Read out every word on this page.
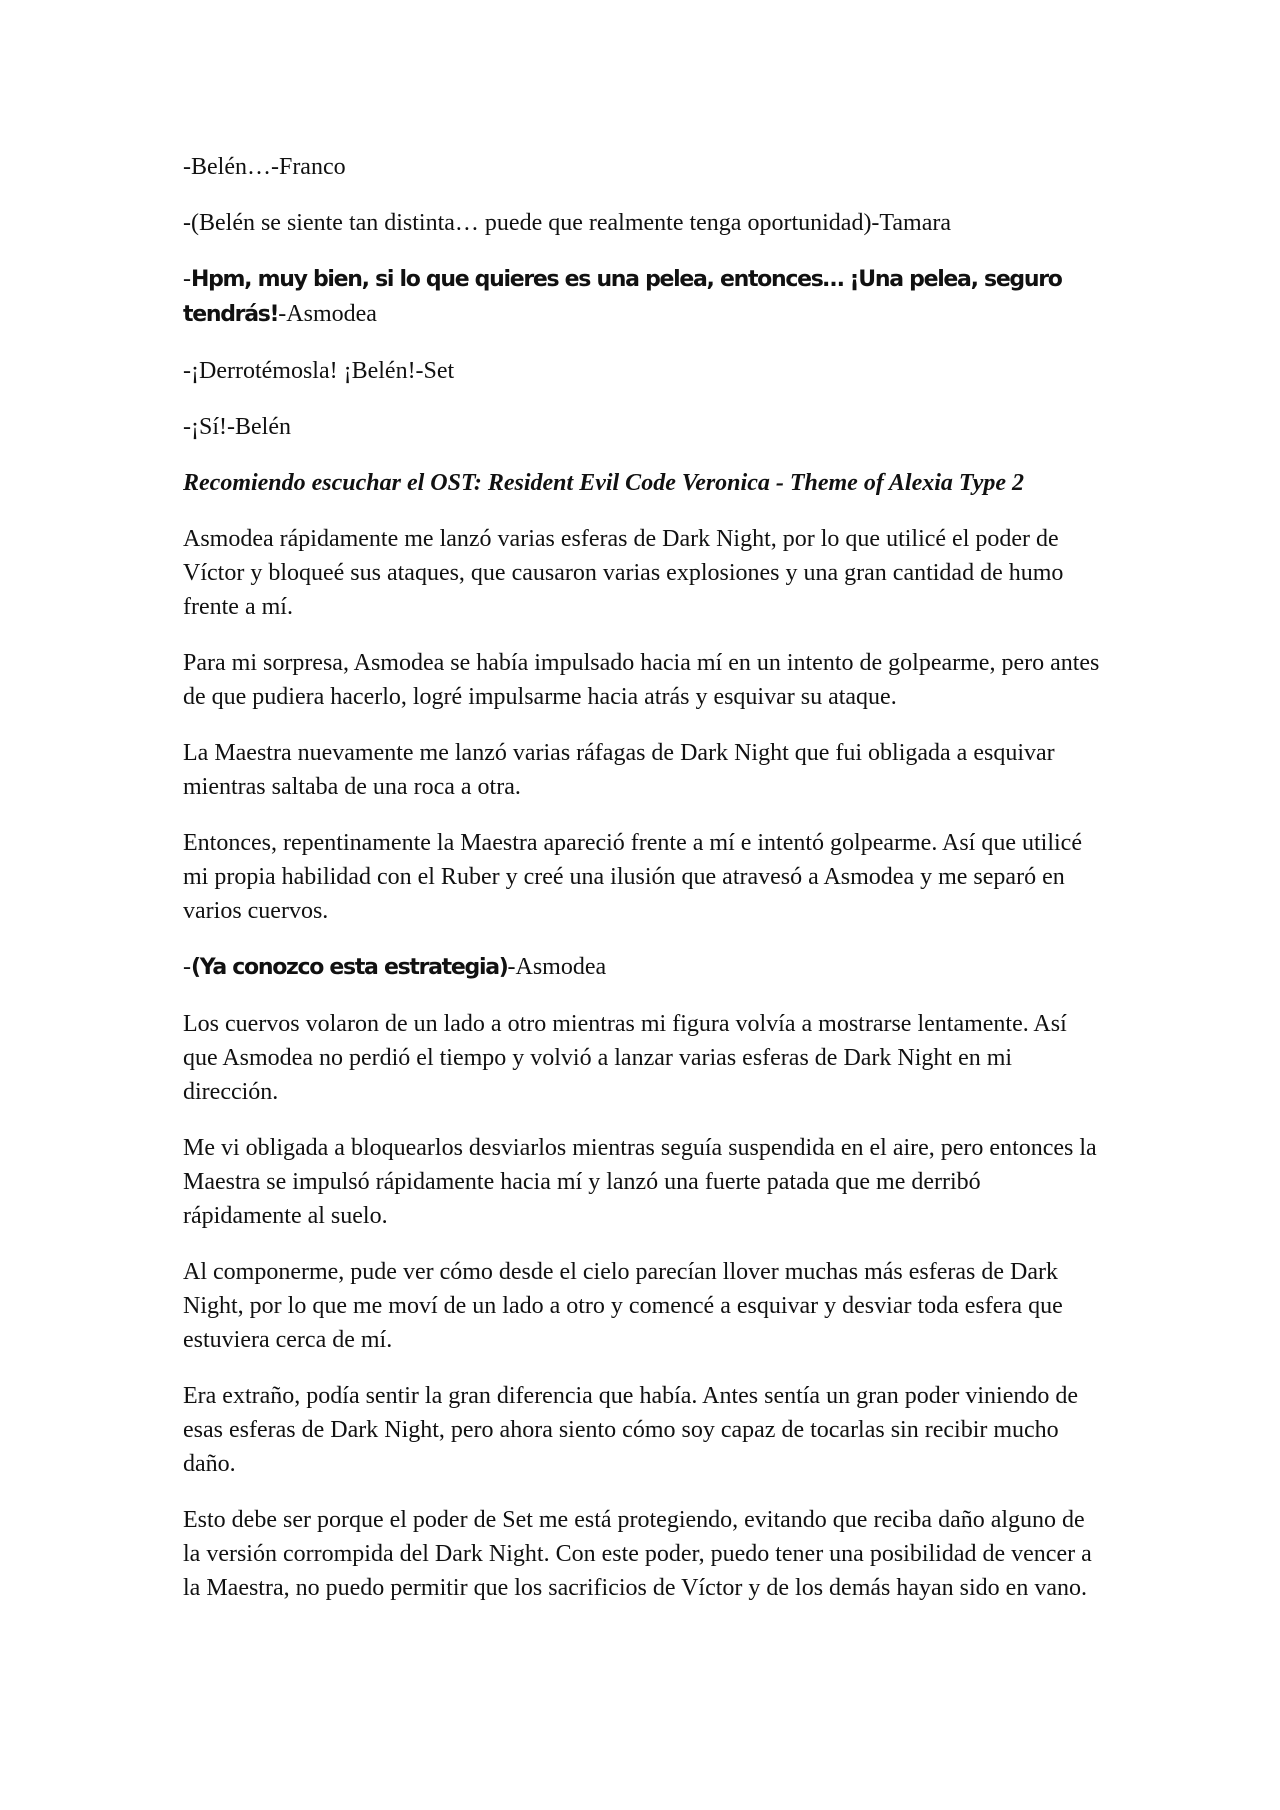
-Belén…-Franco

-(Belén se siente tan distinta… puede que realmente tenga oportunidad)-Tamara

-Hpm, muy bien, si lo que quieres es una pelea, entonces… ¡Una pelea, seguro tendrás!-Asmodea

-¡Derrotémosla! ¡Belén!-Set

-¡Sí!-Belén

Recomiendo escuchar el OST: Resident Evil Code Veronica - Theme of Alexia Type 2

Asmodea rápidamente me lanzó varias esferas de Dark Night, por lo que utilicé el poder de Víctor y bloqueé sus ataques, que causaron varias explosiones y una gran cantidad de humo frente a mí.

Para mi sorpresa, Asmodea se había impulsado hacia mí en un intento de golpearme, pero antes de que pudiera hacerlo, logré impulsarme hacia atrás y esquivar su ataque.

La Maestra nuevamente me lanzó varias ráfagas de Dark Night que fui obligada a esquivar mientras saltaba de una roca a otra.

Entonces, repentinamente la Maestra apareció frente a mí e intentó golpearme. Así que utilicé mi propia habilidad con el Ruber y creé una ilusión que atravesó a Asmodea y me separó en varios cuervos.

-(Ya conozco esta estrategia)-Asmodea

Los cuervos volaron de un lado a otro mientras mi figura volvía a mostrarse lentamente. Así que Asmodea no perdió el tiempo y volvió a lanzar varias esferas de Dark Night en mi dirección.

Me vi obligada a bloquearlos desviarlos mientras seguía suspendida en el aire, pero entonces la Maestra se impulsó rápidamente hacia mí y lanzó una fuerte patada que me derribó rápidamente al suelo.

Al componerme, pude ver cómo desde el cielo parecían llover muchas más esferas de Dark Night, por lo que me moví de un lado a otro y comencé a esquivar y desviar toda esfera que estuviera cerca de mí.

Era extraño, podía sentir la gran diferencia que había. Antes sentía un gran poder viniendo de esas esferas de Dark Night, pero ahora siento cómo soy capaz de tocarlas sin recibir mucho daño.

Esto debe ser porque el poder de Set me está protegiendo, evitando que reciba daño alguno de la versión corrompida del Dark Night. Con este poder, puedo tener una posibilidad de vencer a la Maestra, no puedo permitir que los sacrificios de Víctor y de los demás hayan sido en vano.
